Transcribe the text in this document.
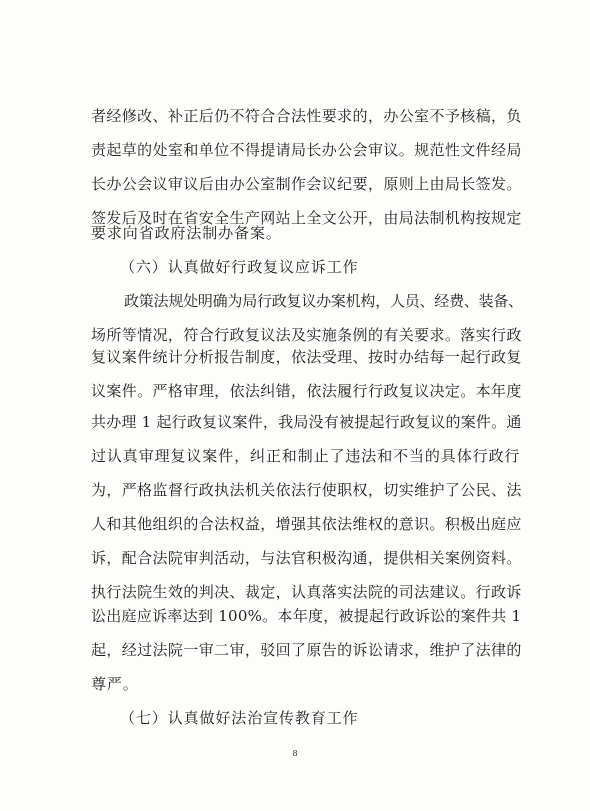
者经修改、补正后仍不符合合法性要求的，办公室不予核稿，负
责起草的处室和单位不得提请局长办公会审议。规范性文件经局
长办公会议审议后由办公室制作会议纪要，原则上由局长签发。
签发后及时在省安全生产网站上全文公开，由局法制机构按规定
要求向省政府法制办备案。
（六）认真做好行政复议应诉工作
政策法规处明确为局行政复议办案机构，人员、经费、装备、
场所等情况，符合行政复议法及实施条例的有关要求。落实行政
复议案件统计分析报告制度，依法受理、按时办结每一起行政复
议案件。严格审理，依法纠错，依法履行行政复议决定。本年度
共办理 1 起行政复议案件，我局没有被提起行政复议的案件。通
过认真审理复议案件，纠正和制止了违法和不当的具体行政行
为，严格监督行政执法机关依法行使职权，切实维护了公民、法
人和其他组织的合法权益，增强其依法维权的意识。积极出庭应
诉，配合法院审判活动，与法官积极沟通，提供相关案例资料。
执行法院生效的判决、裁定，认真落实法院的司法建议。行政诉
讼出庭应诉率达到 100%。本年度，被提起行政诉讼的案件共 1
起，经过法院一审二审，驳回了原告的诉讼请求，维护了法律的
尊严。
（七）认真做好法治宣传教育工作
8
